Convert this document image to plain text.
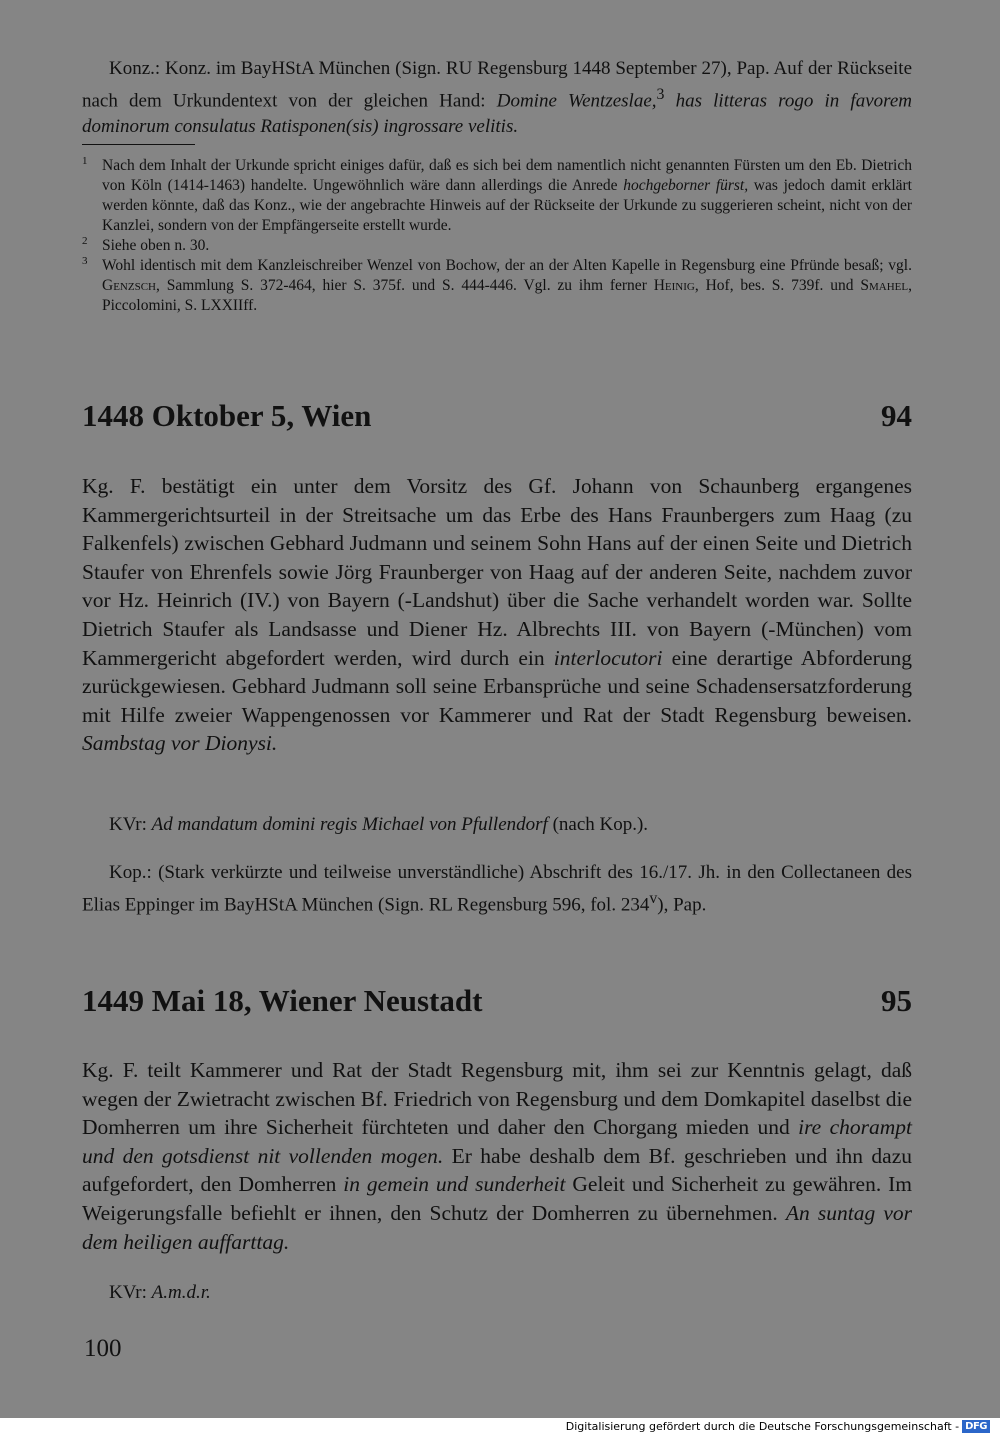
Konz.: Konz. im BayHStA München (Sign. RU Regensburg 1448 September 27), Pap. Auf der Rückseite nach dem Urkundentext von der gleichen Hand: Domine Wentzeslae,$^3$ has litteras rogo in favorem dominorum consulatus Ratisponen(sis) ingrossare velitis.

1 Nach dem Inhalt der Urkunde spricht einiges dafür, daß es sich bei dem namentlich nicht genannten Fürsten um den Eb. Dietrich von Köln (1414-1463) handelte. Ungewöhnlich wäre dann allerdings die Anrede hochgeborner fürst, was jedoch damit erklärt werden könnte, daß das Konz., wie der angebrachte Hinweis auf der Rückseite der Urkunde zu suggerieren scheint, nicht von der Kanzlei, sondern von der Empfängerseite erstellt wurde.

2 Siehe oben n. 30.

3 Wohl identisch mit dem Kanzleischreiber Wenzel von Bochow, der an der Alten Kapelle in Regensburg eine Pfründe besaß; vgl. Genzsch, Sammlung S. 372-464, hier S. 375f. und S. 444-446. Vgl. zu ihm ferner Heinig, Hof, bes. S. 739f. und Smahel, Piccolomini, S. LXXIIff.

1448 Oktober 5, Wien	94

Kg. F. bestätigt ein unter dem Vorsitz des Gf. Johann von Schaunberg ergangenes Kammergerichtsurteil in der Streitsache um das Erbe des Hans Fraunbergers zum Haag (zu Falkenfels) zwischen Gebhard Judmann und seinem Sohn Hans auf der einen Seite und Dietrich Staufer von Ehrenfels sowie Jörg Fraunberger von Haag auf der anderen Seite, nachdem zuvor vor Hz. Heinrich (IV.) von Bayern (-Landshut) über die Sache verhandelt worden war. Sollte Dietrich Staufer als Landsasse und Diener Hz. Albrechts III. von Bayern (-München) vom Kammergericht abgefordert werden, wird durch ein interlocutori eine derartige Abforderung zurückgewiesen. Gebhard Judmann soll seine Erbansprüche und seine Schadensersatzforderung mit Hilfe zweier Wappengenossen vor Kammerer und Rat der Stadt Regensburg beweisen. Sambstag vor Dionysi.

KVr: Ad mandatum domini regis Michael von Pfullendorf (nach Kop.).

Kop.: (Stark verkürzte und teilweise unverständliche) Abschrift des 16./17. Jh. in den Collectaneen des Elias Eppinger im BayHStA München (Sign. RL Regensburg 596, fol. 234$^v$), Pap.

1449 Mai 18, Wiener Neustadt	95

Kg. F. teilt Kammerer und Rat der Stadt Regensburg mit, ihm sei zur Kenntnis gelagt, daß wegen der Zwietracht zwischen Bf. Friedrich von Regensburg und dem Domkapitel daselbst die Domherren um ihre Sicherheit fürchteten und daher den Chorgang mieden und ire chorampt und den gotsdienst nit vollenden mogen. Er habe deshalb dem Bf. geschrieben und ihn dazu aufgefordert, den Domherren in gemein und sunderheit Geleit und Sicherheit zu gewähren. Im Weigerungsfalle befiehlt er ihnen, den Schutz der Domherren zu übernehmen. An suntag vor dem heiligen auffarttag.

KVr: A.m.d.r.

100
Digitalisierung gefördert durch die Deutsche Forschungsgemeinschaft - DFG
